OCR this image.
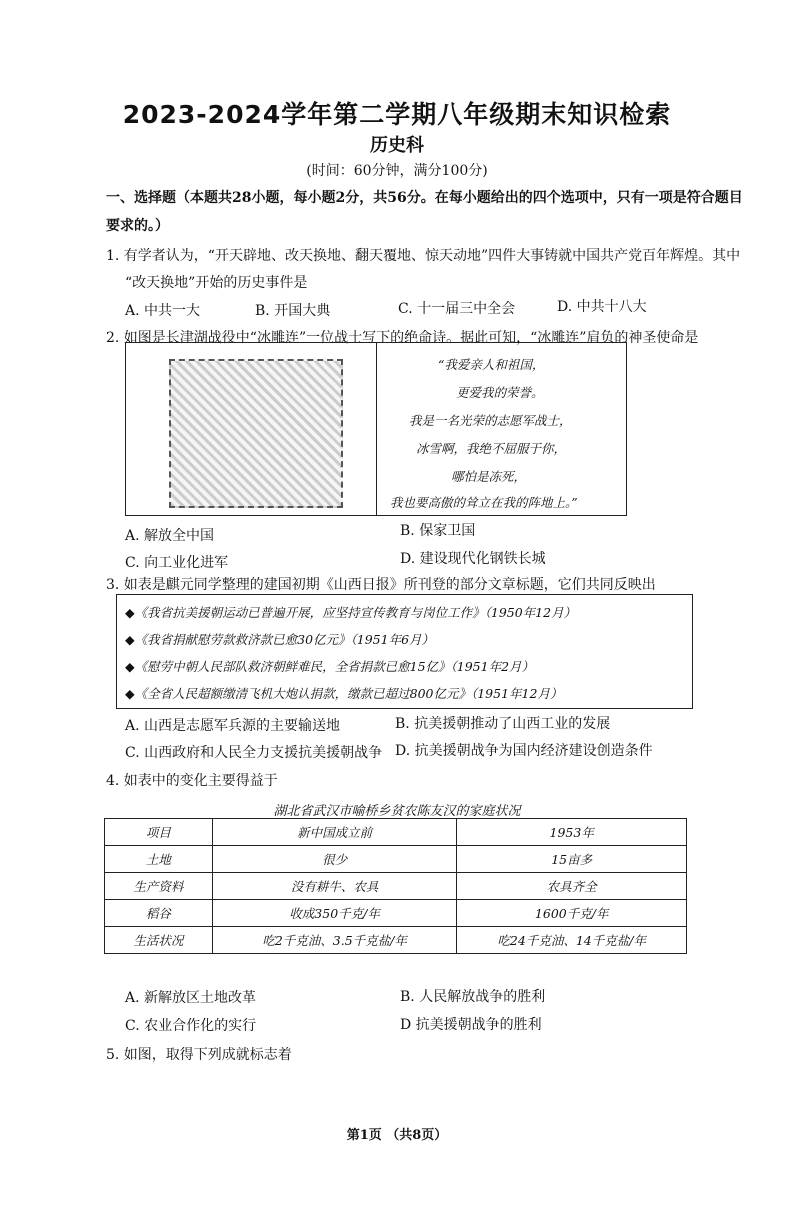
2023-2024学年第二学期八年级期末知识检索
历史科
(时间：60分钟，满分100分)
一、选择题（本题共28小题，每小题2分，共56分。在每小题给出的四个选项中，只有一项是符合题目
要求的。）
1. 有学者认为，“开天辟地、改天换地、翻天覆地、惊天动地”四件大事铸就中国共产党百年辉煌。其中
“改天换地”开始的历史事件是
A. 中共一大	B. 开国大典	C. 十一届三中全会	D. 中共十八大
2. 如图是长津湖战役中“冰雕连”一位战士写下的绝命诗。据此可知，“冰雕连”肩负的神圣使命是
“我爱亲人和祖国，
更爱我的荣誉。
我是一名光荣的志愿军战士，
冰雪啊，我绝不屈服于你，
哪怕是冻死，
我也要高傲的耸立在我的阵地上。”
A. 解放全中国	B. 保家卫国
C. 向工业化进军	D. 建设现代化钢铁长城
3. 如表是麒元同学整理的建国初期《山西日报》所刊登的部分文章标题，它们共同反映出
◆《我省抗美援朝运动已普遍开展，应坚持宣传教育与岗位工作》（1950年12月）
◆《我省捐献慰劳款救济款已愈30亿元》（1951年6月）
◆《慰劳中朝人民部队救济朝鲜难民，全省捐款已愈15亿》（1951年2月）
◆《全省人民超额缴清飞机大炮认捐款，缴款已超过800亿元》（1951年12月）
A. 山西是志愿军兵源的主要输送地	B. 抗美援朝推动了山西工业的发展
C. 山西政府和人民全力支援抗美援朝战争 D. 抗美援朝战争为国内经济建设创造条件
4. 如表中的变化主要得益于
湖北省武汉市喻桥乡贫农陈友汉的家庭状况
项目	新中国成立前	1953年
土地	很少	15亩多
生产资料	没有耕牛、农具	农具齐全
稻谷	收成350千克/年	1600千克/年
生活状况	吃2千克油、3.5千克盐/年	吃24千克油、14千克盐/年
A. 新解放区土地改革	B. 人民解放战争的胜利
C. 农业合作化的实行	D 抗美援朝战争的胜利
5. 如图，取得下列成就标志着
第1页 （共8页）
